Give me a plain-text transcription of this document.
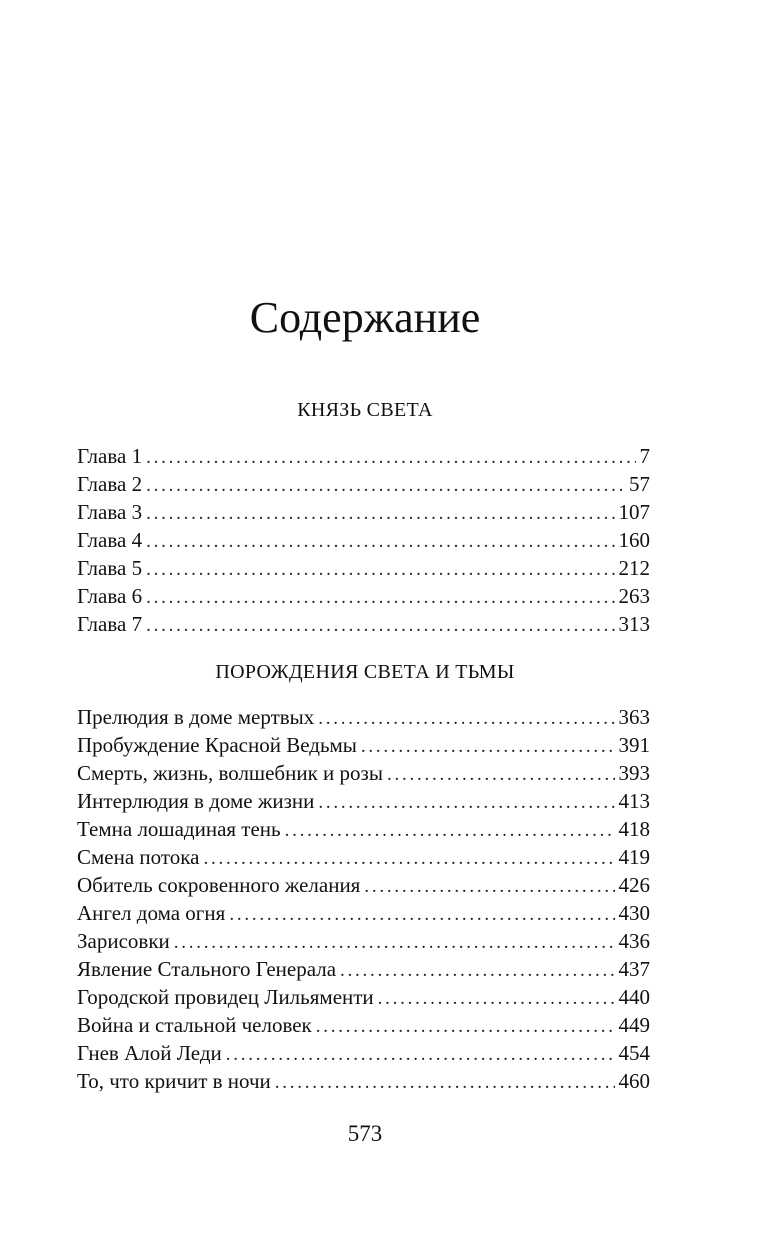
Содержание
КНЯЗЬ СВЕТА
Глава 1 . . .	7
Глава 2 . . .	57
Глава 3 . . .	107
Глава 4 . . .	160
Глава 5 . . .	212
Глава 6 . . .	263
Глава 7 . . .	313
ПОРОЖДЕНИЯ СВЕТА И ТЬМЫ
Прелюдия в доме мертвых . . .	363
Пробуждение Красной Ведьмы . . .	391
Смерть, жизнь, волшебник и розы . . .	393
Интерлюдия в доме жизни . . .	413
Темна лошадиная тень . . .	418
Смена потока . . .	419
Обитель сокровенного желания . . .	426
Ангел дома огня . . .	430
Зарисовки . . .	436
Явление Стального Генерала . . .	437
Городской провидец Лильяменти . . .	440
Война и стальной человек . . .	449
Гнев Алой Леди . . .	454
То, что кричит в ночи . . .	460
573
